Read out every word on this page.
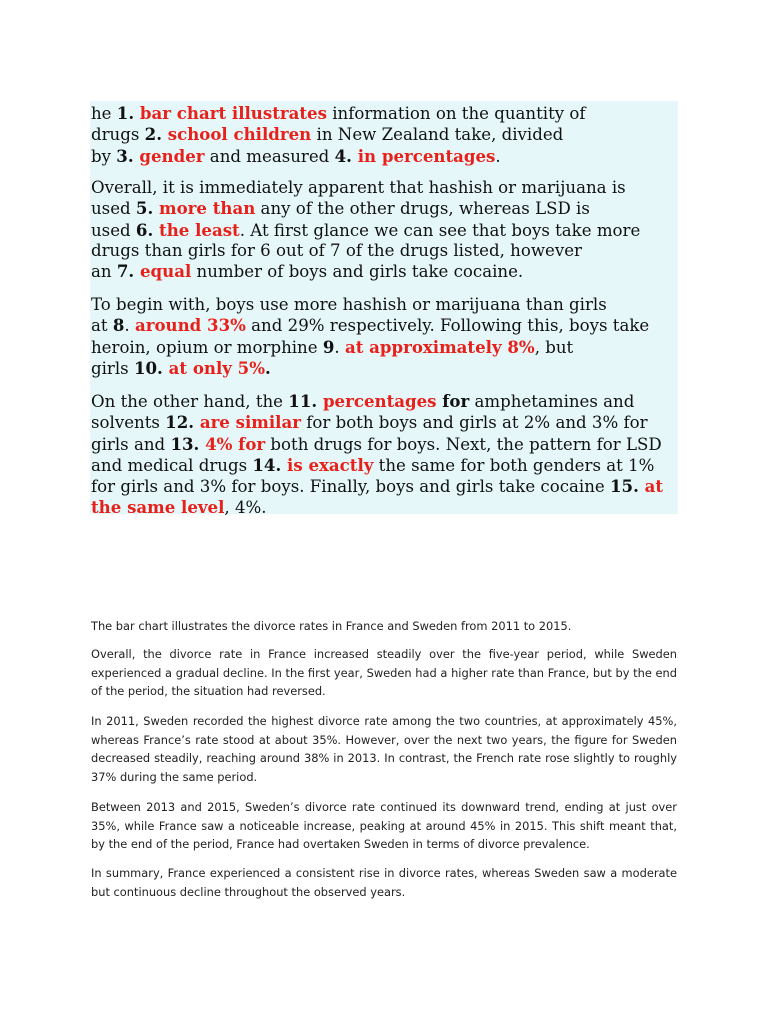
he 1. bar chart illustrates information on the quantity of
drugs 2. school children in New Zealand take, divided
by 3. gender and measured 4. in percentages.

Overall, it is immediately apparent that hashish or marijuana is
used 5. more than any of the other drugs, whereas LSD is
used 6. the least. At first glance we can see that boys take more
drugs than girls for 6 out of 7 of the drugs listed, however
an 7. equal number of boys and girls take cocaine.

To begin with, boys use more hashish or marijuana than girls
at 8. around 33% and 29% respectively. Following this, boys take
heroin, opium or morphine 9. at approximately 8%, but
girls 10. at only 5%.

On the other hand, the 11. percentages for amphetamines and
solvents 12. are similar for both boys and girls at 2% and 3% for
girls and 13. 4% for both drugs for boys. Next, the pattern for LSD
and medical drugs 14. is exactly the same for both genders at 1%
for girls and 3% for boys. Finally, boys and girls take cocaine 15. at
the same level, 4%.

The bar chart illustrates the divorce rates in France and Sweden from 2011 to 2015.

Overall, the divorce rate in France increased steadily over the five-year period, while Sweden experienced a gradual decline. In the first year, Sweden had a higher rate than France, but by the end of the period, the situation had reversed.

In 2011, Sweden recorded the highest divorce rate among the two countries, at approximately 45%, whereas France’s rate stood at about 35%. However, over the next two years, the figure for Sweden decreased steadily, reaching around 38% in 2013. In contrast, the French rate rose slightly to roughly 37% during the same period.

Between 2013 and 2015, Sweden’s divorce rate continued its downward trend, ending at just over 35%, while France saw a noticeable increase, peaking at around 45% in 2015. This shift meant that, by the end of the period, France had overtaken Sweden in terms of divorce prevalence.

In summary, France experienced a consistent rise in divorce rates, whereas Sweden saw a moderate but continuous decline throughout the observed years.
